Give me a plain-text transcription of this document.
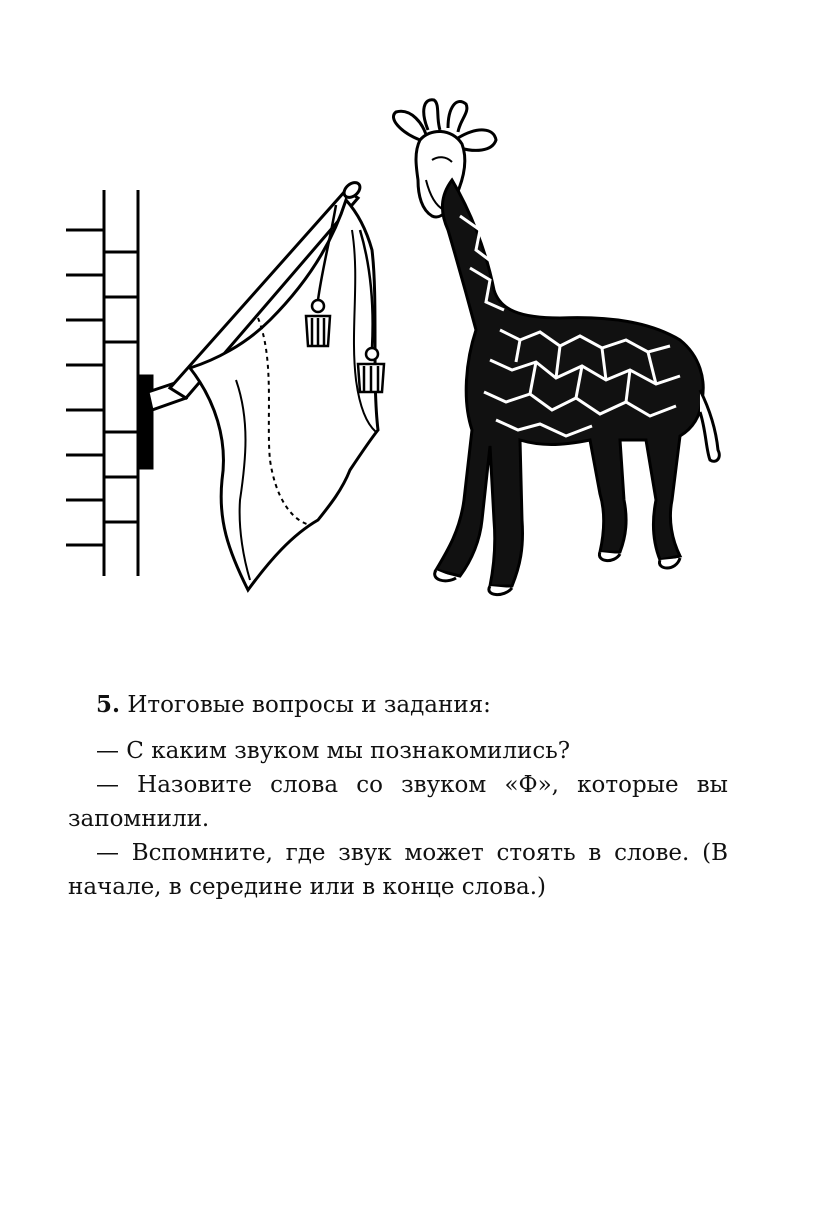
5. Итоговые вопросы и задания:

— С каким звуком мы познакомились?

— Назовите слова со звуком «Ф», которые вы запомнили.

— Вспомните, где звук может стоять в слове. (В начале, в середине или в конце слова.)
